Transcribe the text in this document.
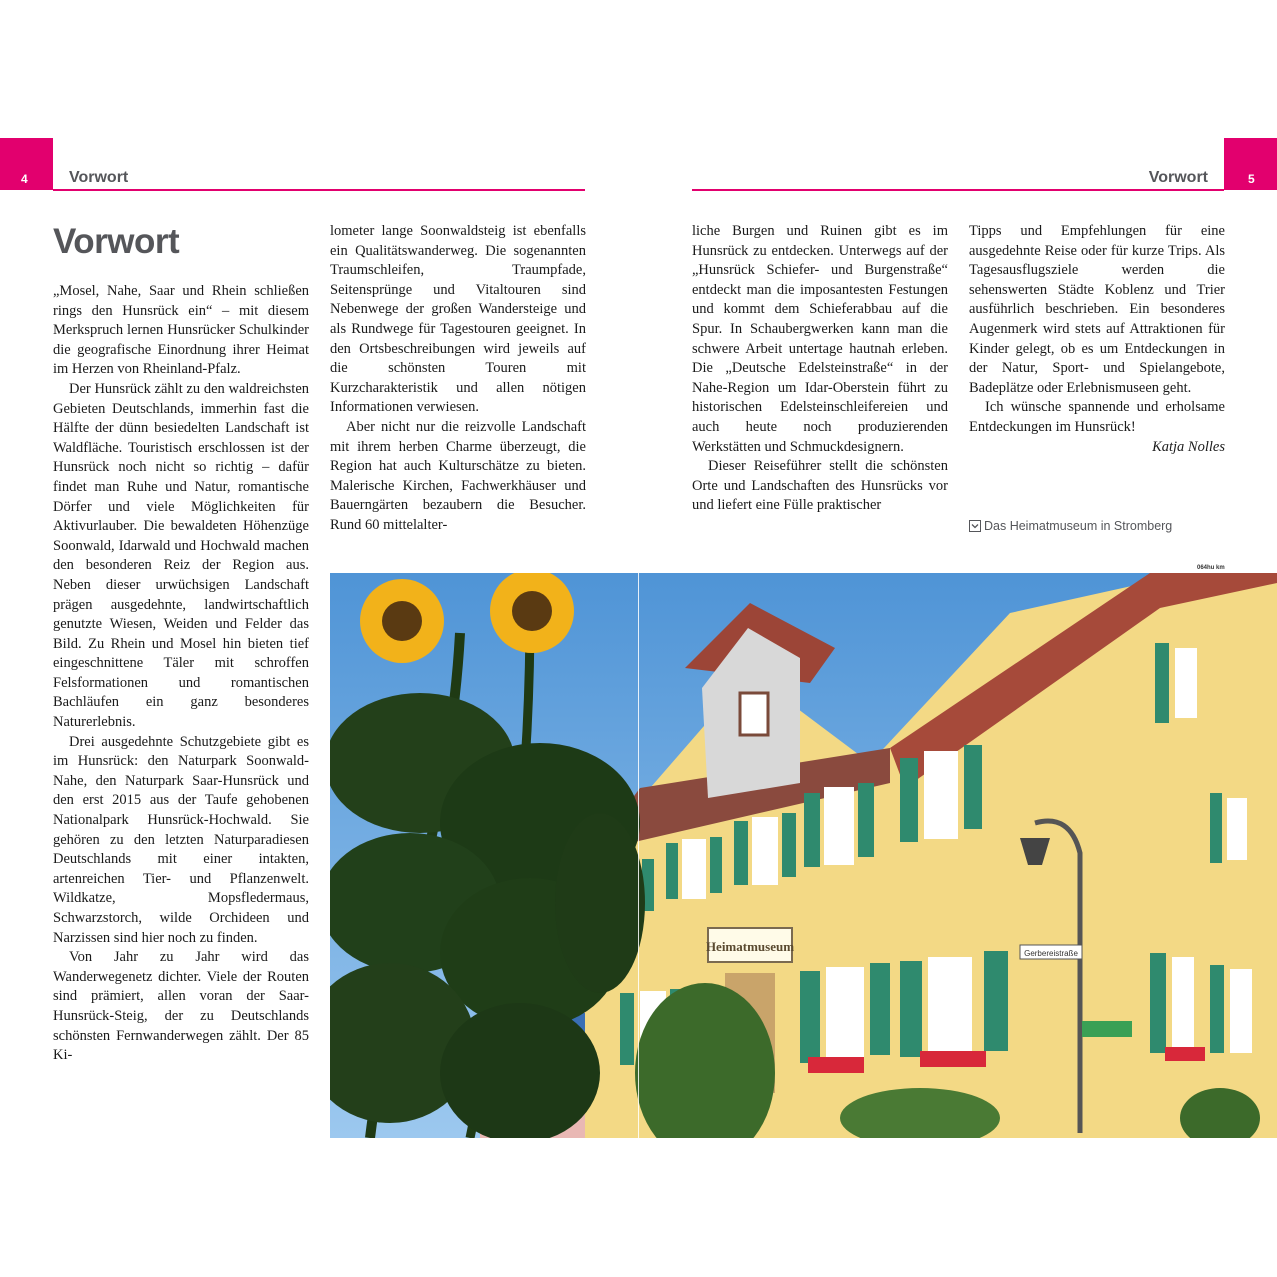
4	5
Vorwort	Vorwort
Vorwort

„Mosel, Nahe, Saar und Rhein schließen rings den Hunsrück ein“ – mit diesem Merkspruch lernen Hunsrücker Schulkinder die geografische Einordnung ihrer Heimat im Herzen von Rheinland-Pfalz.

Der Hunsrück zählt zu den waldreichsten Gebieten Deutschlands, immerhin fast die Hälfte der dünn besiedelten Landschaft ist Waldfläche. Touristisch erschlossen ist der Hunsrück noch nicht so richtig – dafür findet man Ruhe und Natur, romantische Dörfer und viele Möglichkeiten für Aktivurlauber. Die bewaldeten Höhenzüge Soonwald, Idarwald und Hochwald machen den besonderen Reiz der Region aus. Neben dieser urwüchsigen Landschaft prägen ausgedehnte, landwirtschaftlich genutzte Wiesen, Weiden und Felder das Bild. Zu Rhein und Mosel hin bieten tief eingeschnittene Täler mit schroffen Felsformationen und romantischen Bachläufen ein ganz besonderes Naturerlebnis.

Drei ausgedehnte Schutzgebiete gibt es im Hunsrück: den Naturpark Soonwald-Nahe, den Naturpark Saar-Hunsrück und den erst 2015 aus der Taufe gehobenen Nationalpark Hunsrück-Hochwald. Sie gehören zu den letzten Naturparadiesen Deutschlands mit einer intakten, artenreichen Tier- und Pflanzenwelt. Wildkatze, Mopsfledermaus, Schwarzstorch, wilde Orchideen und Narzissen sind hier noch zu finden.

Von Jahr zu Jahr wird das Wanderwegenetz dichter. Viele der Routen sind prämiert, allen voran der Saar-Hunsrück-Steig, der zu Deutschlands schönsten Fernwanderwegen zählt. Der 85 Ki-

lometer lange Soonwaldsteig ist ebenfalls ein Qualitätswanderweg. Die sogenannten Traumschleifen, Traumpfade, Seitensprünge und Vitaltouren sind Nebenwege der großen Wandersteige und als Rundwege für Tagestouren geeignet. In den Ortsbeschreibungen wird jeweils auf die schönsten Touren mit Kurzcharakteristik und allen nötigen Informationen verwiesen.

Aber nicht nur die reizvolle Landschaft mit ihrem herben Charme überzeugt, die Region hat auch Kulturschätze zu bieten. Malerische Kirchen, Fachwerkhäuser und Bauerngärten bezaubern die Besucher. Rund 60 mittelalter-

liche Burgen und Ruinen gibt es im Hunsrück zu entdecken. Unterwegs auf der „Hunsrück Schiefer- und Burgenstraße“ entdeckt man die imposantesten Festungen und kommt dem Schieferabbau auf die Spur. In Schaubergwerken kann man die schwere Arbeit untertage hautnah erleben. Die „Deutsche Edelsteinstraße“ in der Nahe-Region um Idar-Oberstein führt zu historischen Edelsteinschleifereien und auch heute noch produzierenden Werkstätten und Schmuckdesignern.

Dieser Reiseführer stellt die schönsten Orte und Landschaften des Hunsrücks vor und liefert eine Fülle praktischer

Tipps und Empfehlungen für eine ausgedehnte Reise oder für kurze Trips. Als Tagesausflugsziele werden die sehenswerten Städte Koblenz und Trier ausführlich beschrieben. Ein besonderes Augenmerk wird stets auf Attraktionen für Kinder gelegt, ob es um Entdeckungen in der Natur, Sport- und Spielangebote, Badeplätze oder Erlebnismuseen geht.

Ich wünsche spannende und erholsame Entdeckungen im Hunsrück!

Katja Nolles

Das Heimatmuseum in Stromberg
064hu km
Heimatmuseum	Gerbereistraße
